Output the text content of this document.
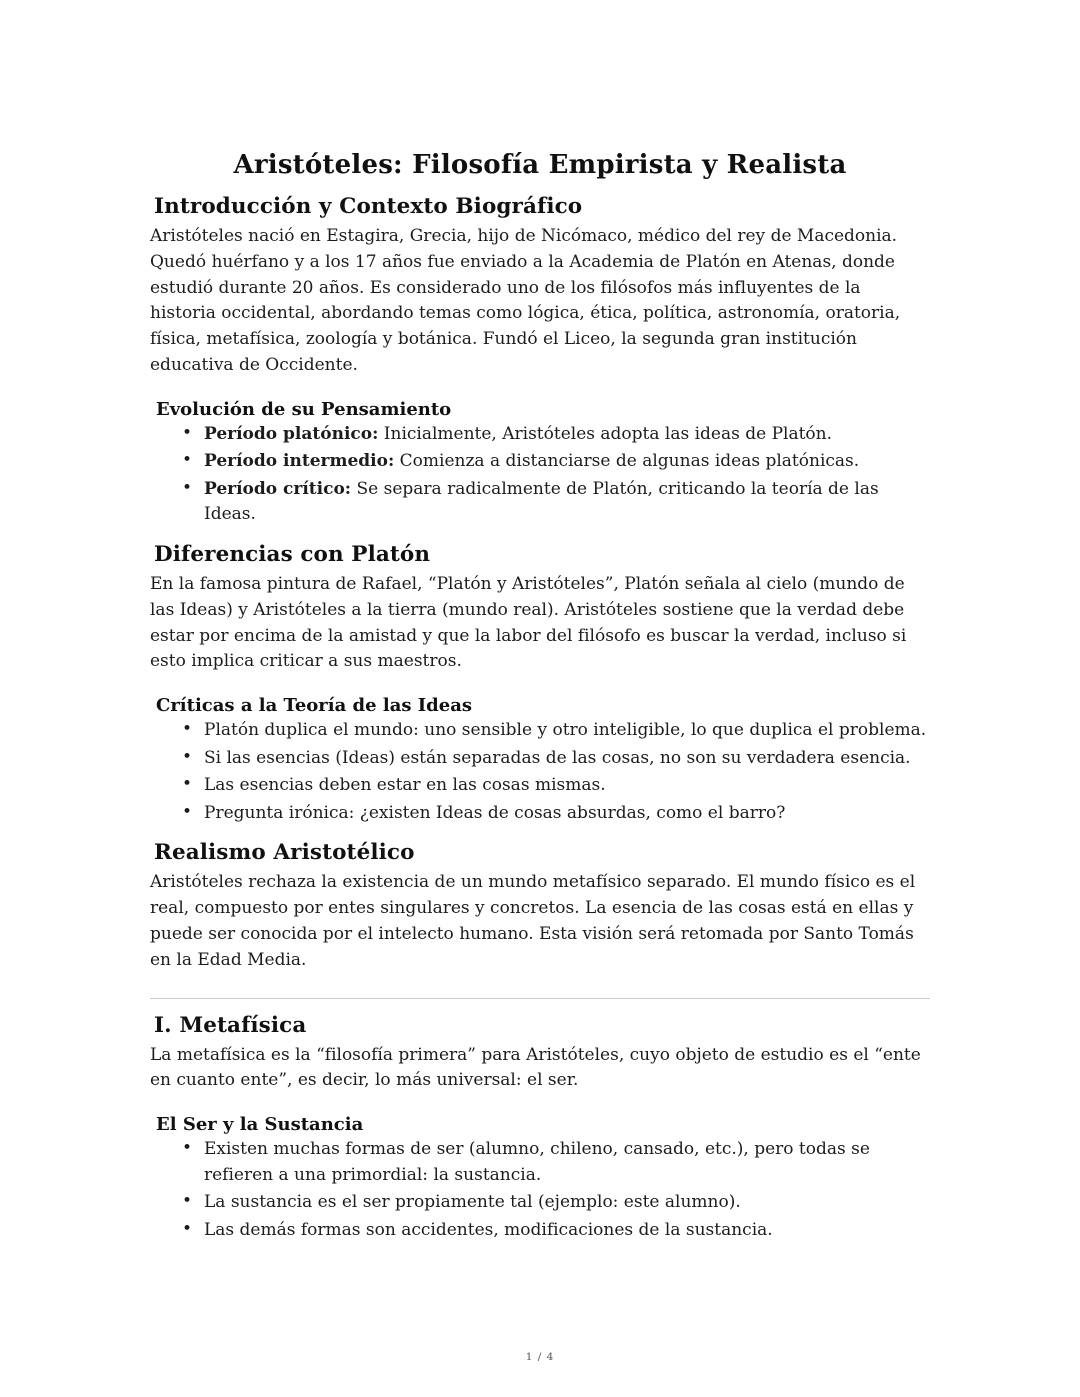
Aristóteles: Filosofía Empirista y Realista
Introducción y Contexto Biográfico

Aristóteles nació en Estagira, Grecia, hijo de Nicómaco, médico del rey de Macedonia. Quedó huérfano y a los 17 años fue enviado a la Academia de Platón en Atenas, donde estudió durante 20 años. Es considerado uno de los filósofos más influyentes de la historia occidental, abordando temas como lógica, ética, política, astronomía, oratoria, física, metafísica, zoología y botánica. Fundó el Liceo, la segunda gran institución educativa de Occidente.

Evolución de su Pensamiento
• Período platónico: Inicialmente, Aristóteles adopta las ideas de Platón.
• Período intermedio: Comienza a distanciarse de algunas ideas platónicas.
• Período crítico: Se separa radicalmente de Platón, criticando la teoría de las Ideas.
Diferencias con Platón

En la famosa pintura de Rafael, “Platón y Aristóteles”, Platón señala al cielo (mundo de las Ideas) y Aristóteles a la tierra (mundo real). Aristóteles sostiene que la verdad debe estar por encima de la amistad y que la labor del filósofo es buscar la verdad, incluso si esto implica criticar a sus maestros.

Críticas a la Teoría de las Ideas
• Platón duplica el mundo: uno sensible y otro inteligible, lo que duplica el problema.
• Si las esencias (Ideas) están separadas de las cosas, no son su verdadera esencia.
• Las esencias deben estar en las cosas mismas.
• Pregunta irónica: ¿existen Ideas de cosas absurdas, como el barro?
Realismo Aristotélico

Aristóteles rechaza la existencia de un mundo metafísico separado. El mundo físico es el real, compuesto por entes singulares y concretos. La esencia de las cosas está en ellas y puede ser conocida por el intelecto humano. Esta visión será retomada por Santo Tomás en la Edad Media.

I. Metafísica

La metafísica es la “filosofía primera” para Aristóteles, cuyo objeto de estudio es el “ente en cuanto ente”, es decir, lo más universal: el ser.

El Ser y la Sustancia
• Existen muchas formas de ser (alumno, chileno, cansado, etc.), pero todas se refieren a una primordial: la sustancia.
• La sustancia es el ser propiamente tal (ejemplo: este alumno).
• Las demás formas son accidentes, modificaciones de la sustancia.
1 / 4
